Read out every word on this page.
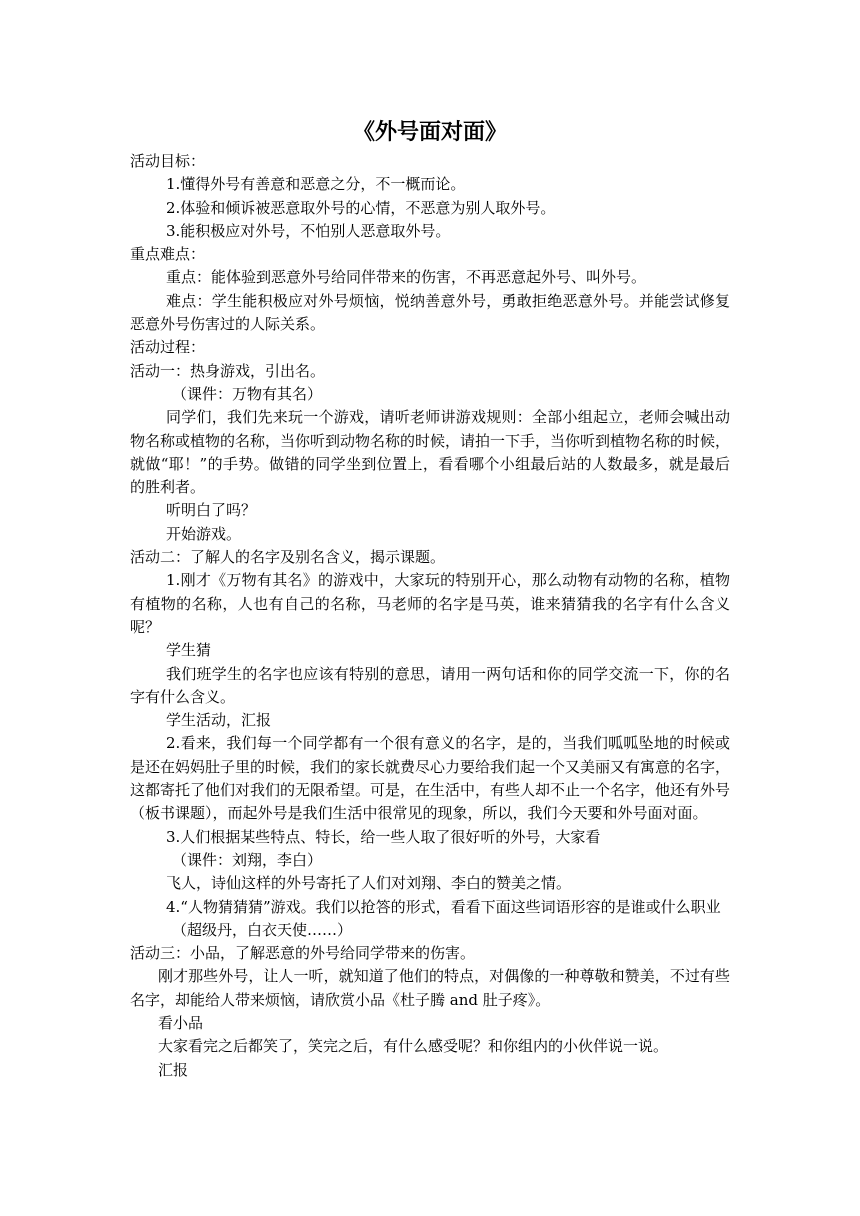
《外号面对面》

活动目标：

1.懂得外号有善意和恶意之分，不一概而论。

2.体验和倾诉被恶意取外号的心情，不恶意为别人取外号。

3.能积极应对外号，不怕别人恶意取外号。

重点难点：

重点：能体验到恶意外号给同伴带来的伤害，不再恶意起外号、叫外号。

难点：学生能积极应对外号烦恼，悦纳善意外号，勇敢拒绝恶意外号。并能尝试修复恶意外号伤害过的人际关系。

活动过程：

活动一：热身游戏，引出名。

（课件：万物有其名）

同学们，我们先来玩一个游戏，请听老师讲游戏规则：全部小组起立，老师会喊出动物名称或植物的名称，当你听到动物名称的时候，请拍一下手，当你听到植物名称的时候，就做“耶！”的手势。做错的同学坐到位置上，看看哪个小组最后站的人数最多，就是最后的胜利者。

听明白了吗？

开始游戏。

活动二：了解人的名字及别名含义，揭示课题。

1.刚才《万物有其名》的游戏中，大家玩的特别开心，那么动物有动物的名称，植物有植物的名称，人也有自己的名称，马老师的名字是马英，谁来猜猜我的名字有什么含义呢？

学生猜

我们班学生的名字也应该有特别的意思，请用一两句话和你的同学交流一下，你的名字有什么含义。

学生活动，汇报

2.看来，我们每一个同学都有一个很有意义的名字，是的，当我们呱呱坠地的时候或是还在妈妈肚子里的时候，我们的家长就费尽心力要给我们起一个又美丽又有寓意的名字，这都寄托了他们对我们的无限希望。可是，在生活中，有些人却不止一个名字，他还有外号（板书课题），而起外号是我们生活中很常见的现象，所以，我们今天要和外号面对面。

3.人们根据某些特点、特长，给一些人取了很好听的外号，大家看

（课件：刘翔，李白）

飞人，诗仙这样的外号寄托了人们对刘翔、李白的赞美之情。

4.“人物猜猜猜”游戏。我们以抢答的形式，看看下面这些词语形容的是谁或什么职业

（超级丹，白衣天使……）

活动三：小品，了解恶意的外号给同学带来的伤害。

刚才那些外号，让人一听，就知道了他们的特点，对偶像的一种尊敬和赞美，不过有些名字，却能给人带来烦恼，请欣赏小品《杜子腾 and 肚子疼》。

看小品

大家看完之后都笑了，笑完之后，有什么感受呢？和你组内的小伙伴说一说。

汇报
